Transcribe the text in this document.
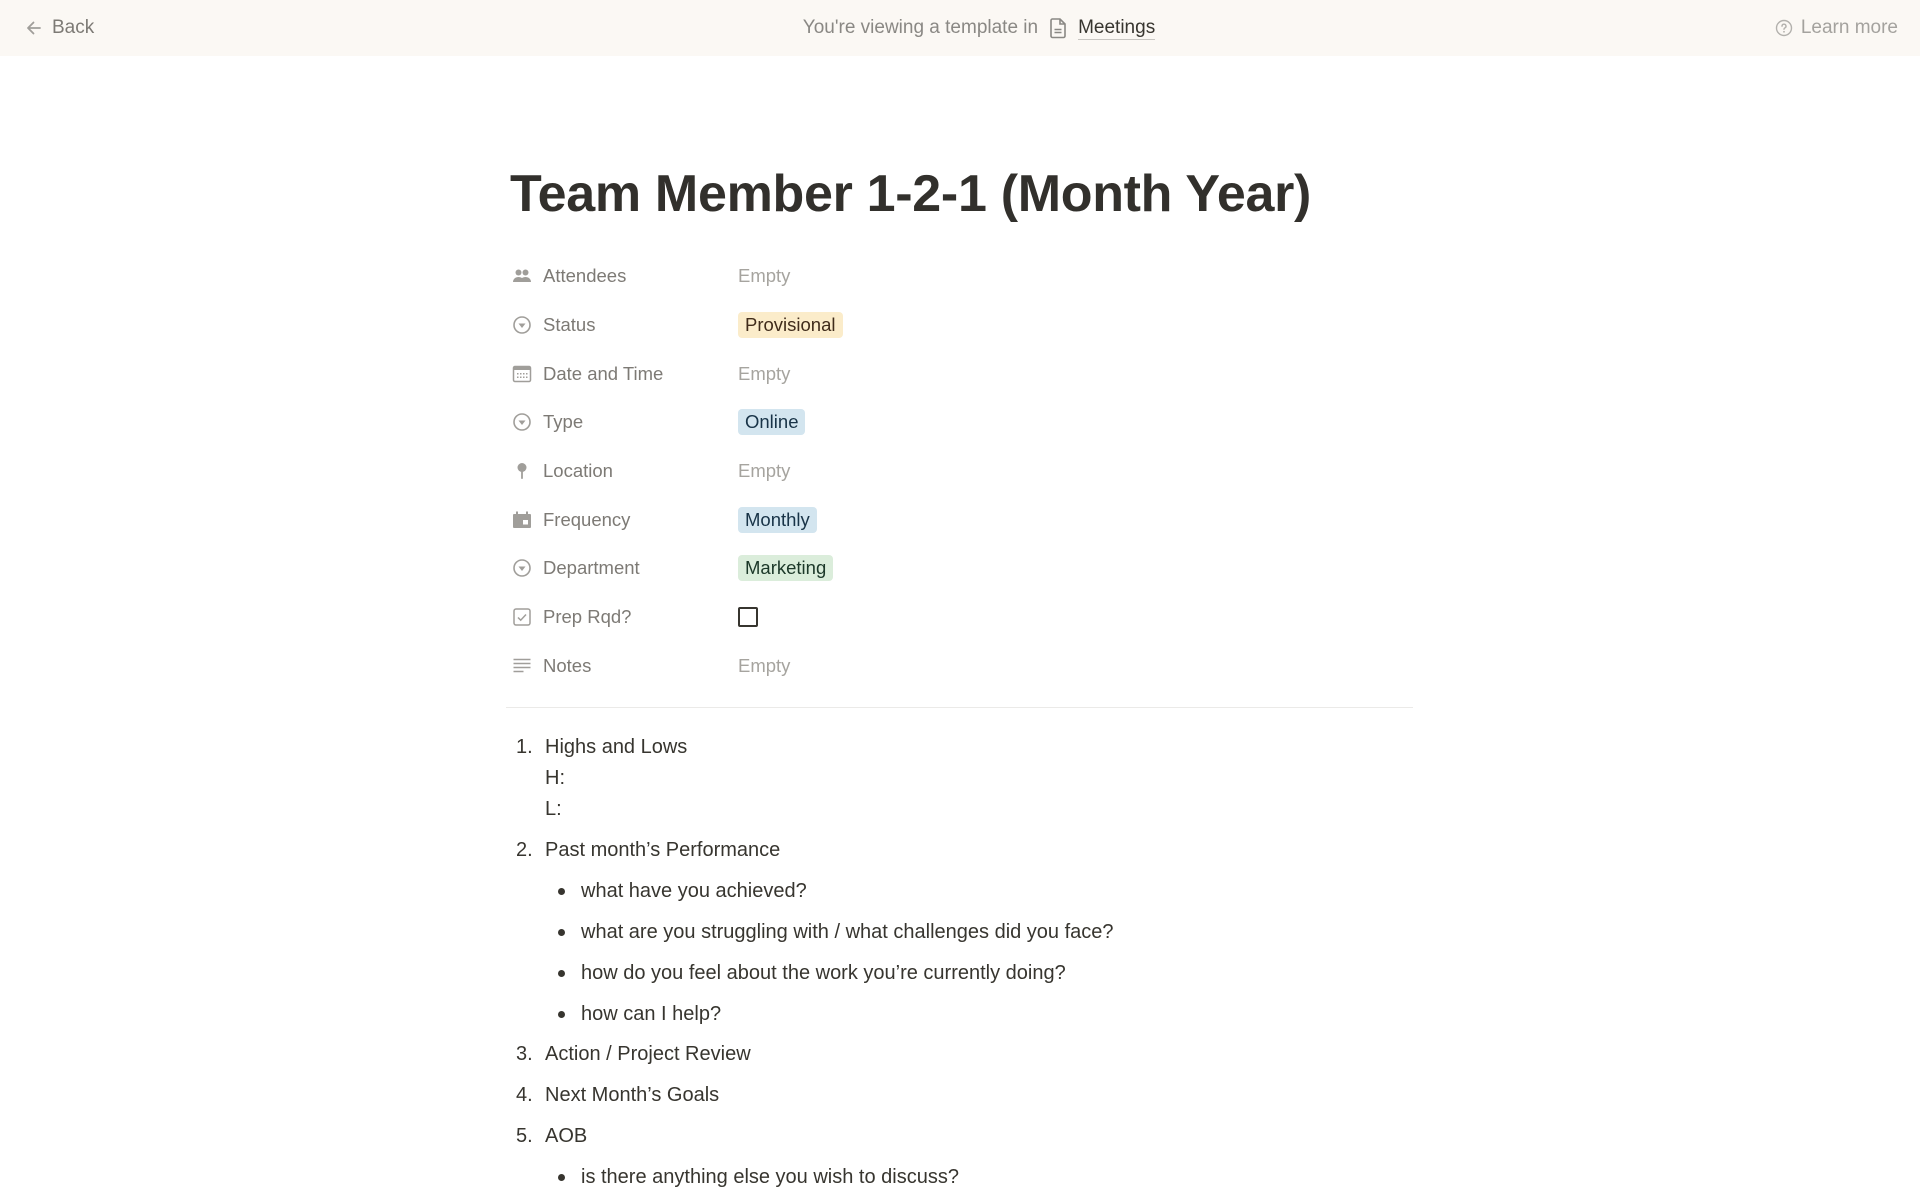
Back	You're viewing a template in Meetings	Learn more
Team Member 1-2-1 (Month Year)
Attendees	Empty
Status	Provisional
Date and Time	Empty
Type	Online
Location	Empty
Frequency	Monthly
Department	Marketing
Prep Rqd?
Notes	Empty
1. Highs and Lows
H:
L:
2. Past month’s Performance
what have you achieved?
what are you struggling with / what challenges did you face?
how do you feel about the work you’re currently doing?
how can I help?
3. Action / Project Review
4. Next Month’s Goals
5. AOB
is there anything else you wish to discuss?
